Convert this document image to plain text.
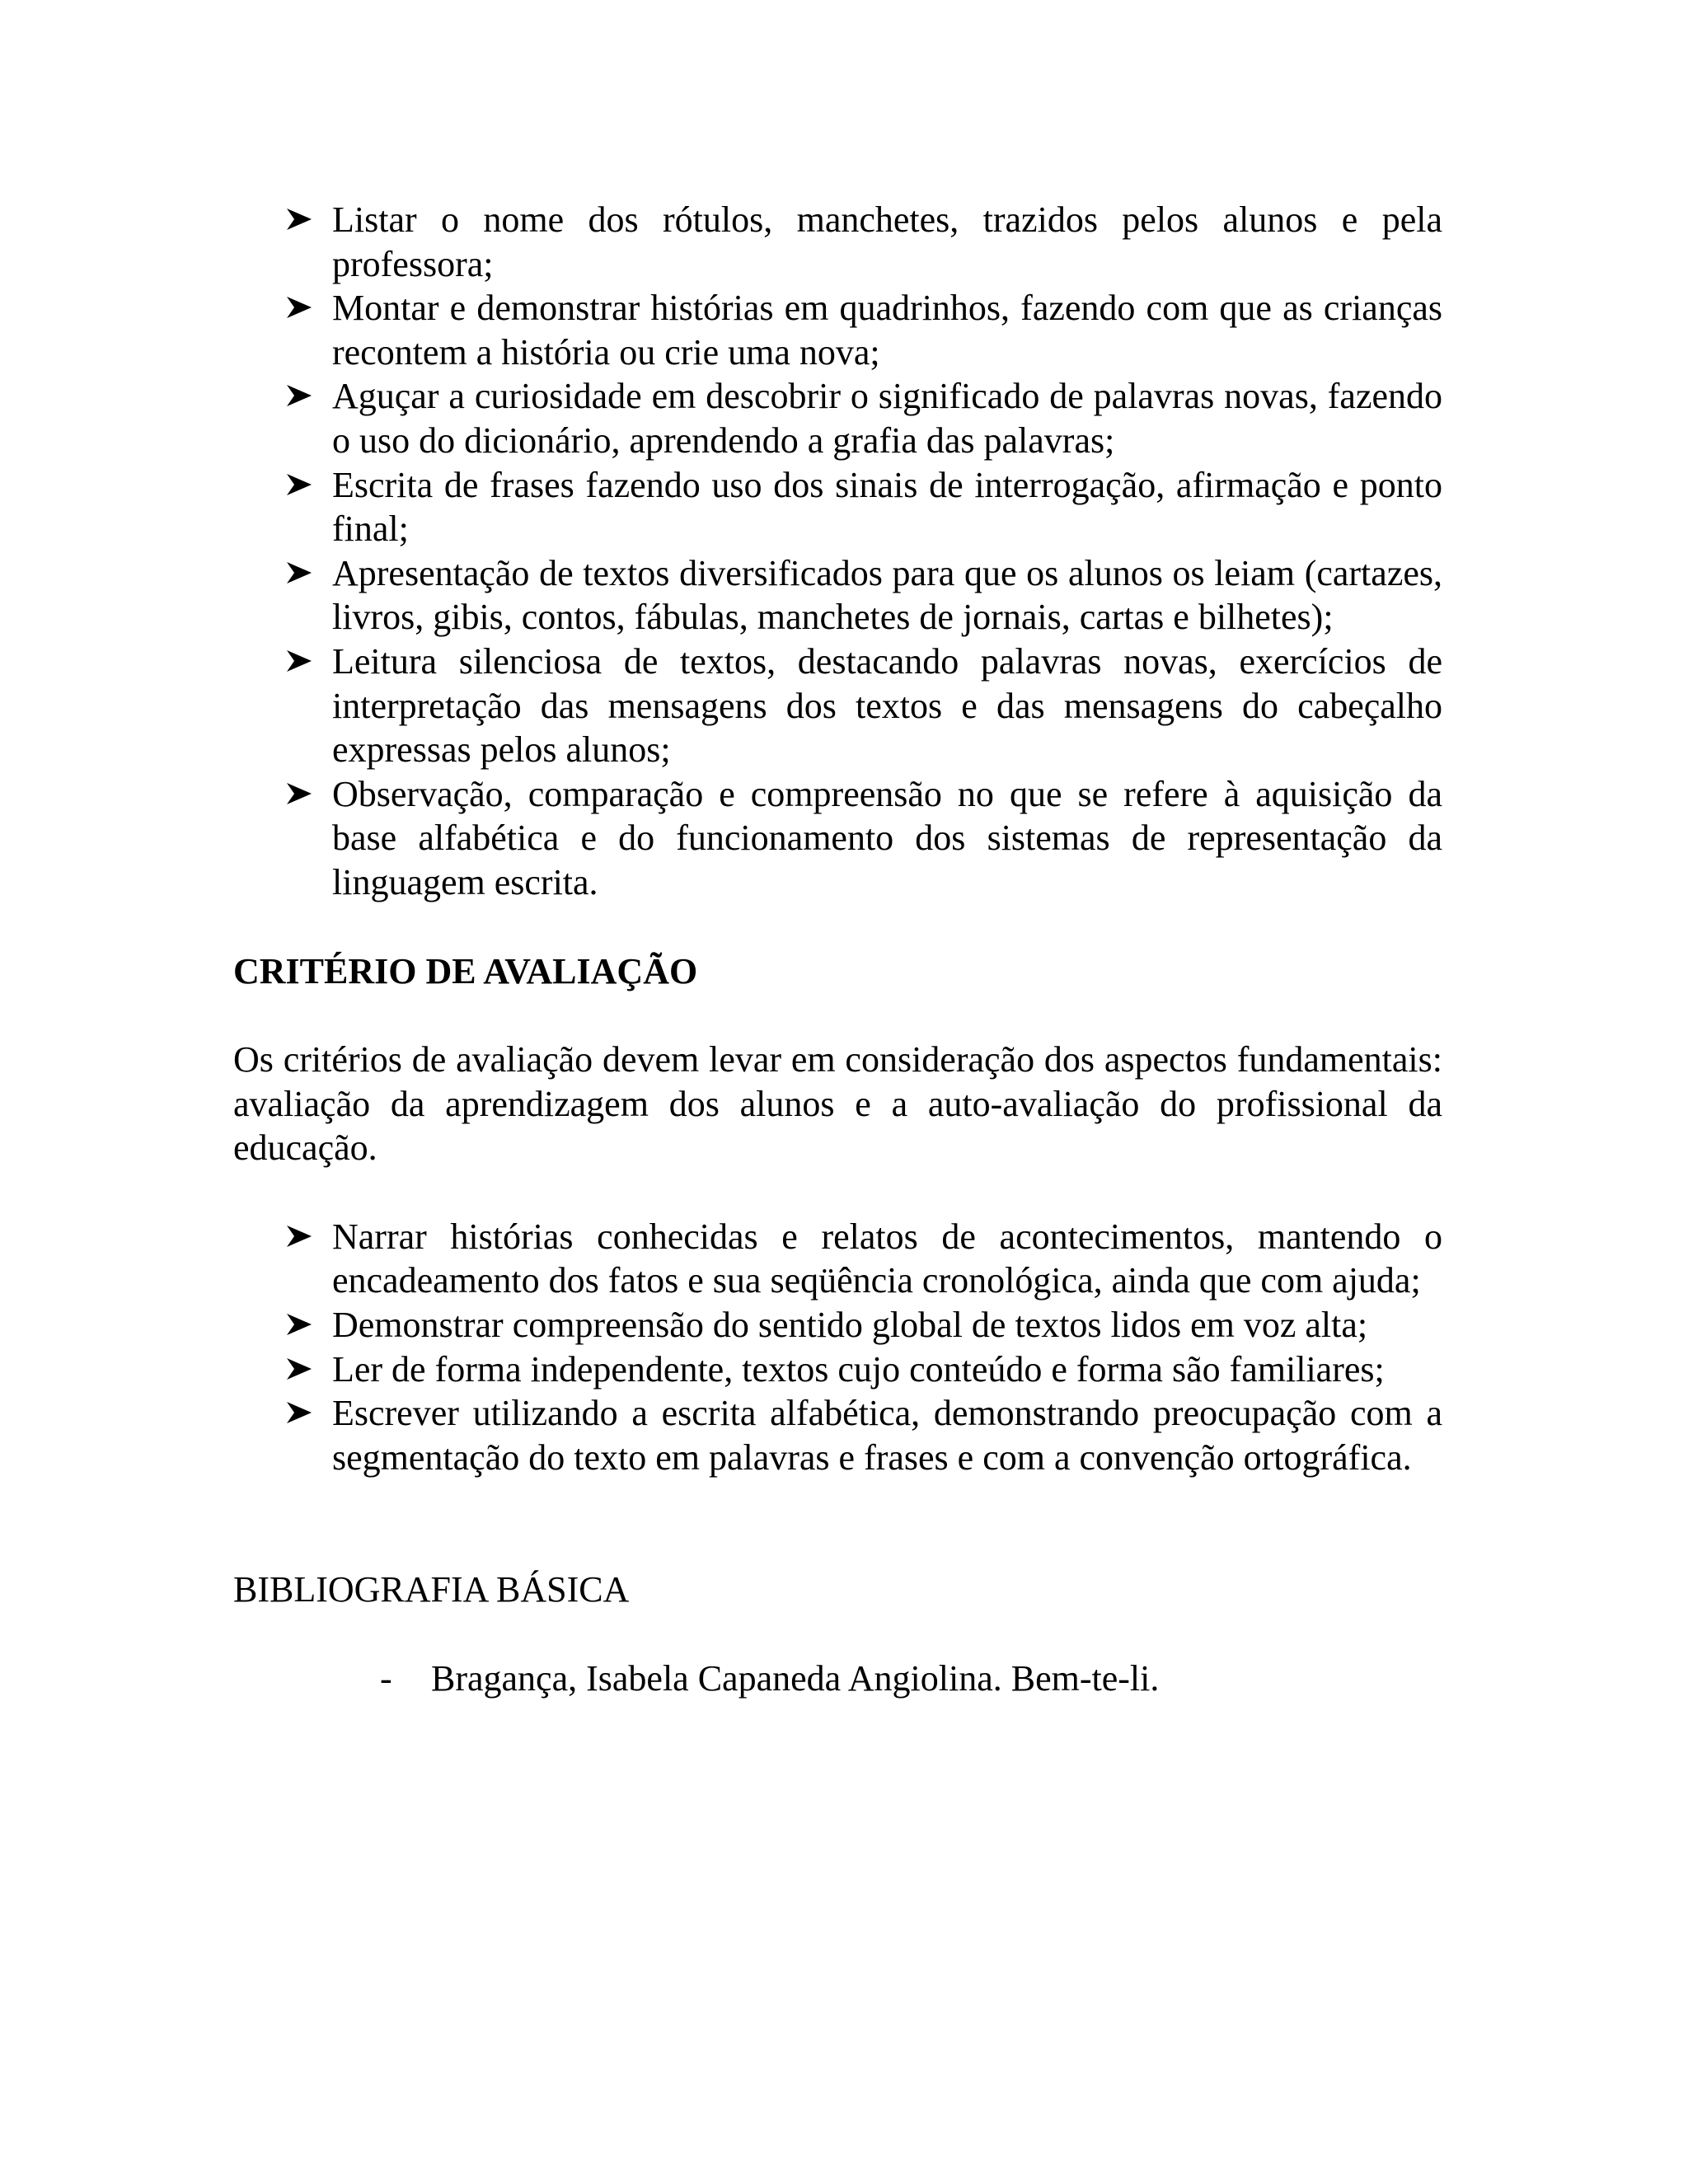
Listar o nome dos rótulos, manchetes, trazidos pelos alunos e pela professora;
Montar e demonstrar histórias em quadrinhos, fazendo com que as crianças recontem a história ou crie uma nova;
Aguçar a curiosidade em descobrir o significado de palavras novas, fazendo o uso do dicionário, aprendendo a grafia das palavras;
Escrita de frases fazendo uso dos sinais de interrogação, afirmação e ponto final;
Apresentação de textos diversificados para que os alunos os leiam (cartazes, livros, gibis, contos, fábulas, manchetes de jornais, cartas e bilhetes);
Leitura silenciosa de textos, destacando palavras novas, exercícios de interpretação das mensagens dos textos e das mensagens do cabeçalho expressas pelos alunos;
Observação, comparação e compreensão no que se refere à aquisição da base alfabética e do funcionamento dos sistemas de representação da linguagem escrita.
CRITÉRIO DE AVALIAÇÃO
Os critérios de avaliação devem levar em consideração dos aspectos fundamentais: avaliação da aprendizagem dos alunos e a auto-avaliação do profissional da educação.
Narrar histórias conhecidas e relatos de acontecimentos, mantendo o encadeamento dos fatos e sua seqüência cronológica, ainda que com ajuda;
Demonstrar compreensão do sentido global de textos lidos em voz alta;
Ler de forma independente, textos cujo conteúdo e forma são familiares;
Escrever utilizando a escrita alfabética, demonstrando preocupação com a segmentação do texto em palavras e frases e com a convenção ortográfica.
BIBLIOGRAFIA BÁSICA
- Bragança, Isabela Capaneda Angiolina. Bem-te-li.
